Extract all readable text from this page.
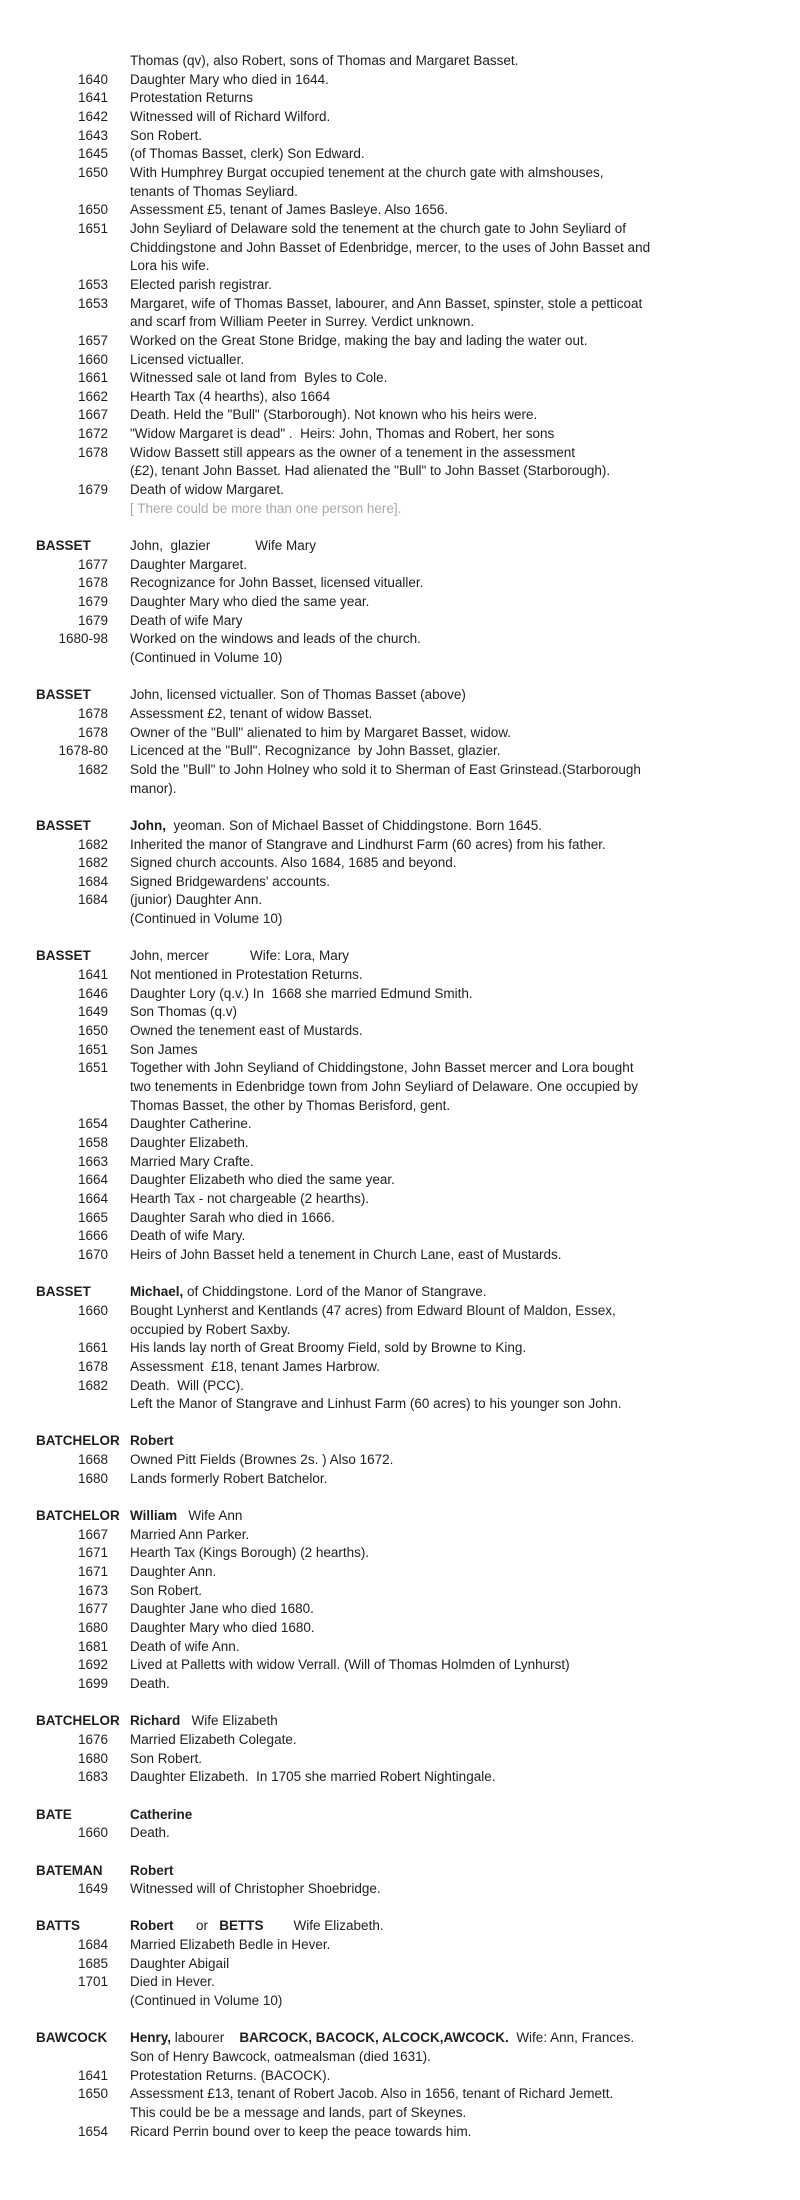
Thomas (qv), also Robert, sons of Thomas and Margaret Basset.
1640 Daughter Mary who died in 1644.
1641 Protestation Returns
1642 Witnessed will of Richard Wilford.
1643 Son Robert.
1645 (of Thomas Basset, clerk) Son Edward.
1650 With Humphrey Burgat occupied tenement at the church gate with almshouses,
tenants of Thomas Seyliard.
1650 Assessment £5, tenant of James Basleye. Also 1656.
1651 John Seyliard of Delaware sold the tenement at the church gate to John Seyliard of
Chiddingstone and John Basset of Edenbridge, mercer, to the uses of John Basset and
Lora his wife.
1653 Elected parish registrar.
1653 Margaret, wife of Thomas Basset, labourer, and Ann Basset, spinster, stole a petticoat
and scarf from William Peeter in Surrey. Verdict unknown.
1657 Worked on the Great Stone Bridge, making the bay and lading the water out.
1660 Licensed victualler.
1661 Witnessed sale ot land from  Byles to Cole.
1662 Hearth Tax (4 hearths), also 1664
1667 Death. Held the "Bull" (Starborough). Not known who his heirs were.
1672 "Widow Margaret is dead" .  Heirs: John, Thomas and Robert, her sons
1678 Widow Bassett still appears as the owner of a tenement in the assessment
(£2), tenant John Basset. Had alienated the "Bull" to John Basset (Starborough).
1679 Death of widow Margaret.
[ There could be more than one person here].
BASSET	John,  glazier            Wife Mary
1677 Daughter Margaret.
1678 Recognizance for John Basset, licensed vitualler.
1679 Daughter Mary who died the same year.
1679 Death of wife Mary
1680-98 Worked on the windows and leads of the church.
(Continued in Volume 10)
BASSET	John, licensed victualler. Son of Thomas Basset (above)
1678 Assessment £2, tenant of widow Basset.
1678 Owner of the "Bull" alienated to him by Margaret Basset, widow.
1678-80 Licenced at the "Bull". Recognizance  by John Basset, glazier.
1682 Sold the "Bull" to John Holney who sold it to Sherman of East Grinstead.(Starborough
manor).
BASSET	John,  yeoman. Son of Michael Basset of Chiddingstone. Born 1645.
1682 Inherited the manor of Stangrave and Lindhurst Farm (60 acres) from his father.
1682 Signed church accounts. Also 1684, 1685 and beyond.
1684 Signed Bridgewardens' accounts.
1684 (junior) Daughter Ann.
(Continued in Volume 10)
BASSET	John, mercer           Wife: Lora, Mary
1641 Not mentioned in Protestation Returns.
1646 Daughter Lory (q.v.) In  1668 she married Edmund Smith.
1649 Son Thomas (q.v)
1650 Owned the tenement east of Mustards.
1651 Son James
1651 Together with John Seyliand of Chiddingstone, John Basset mercer and Lora bought
two tenements in Edenbridge town from John Seyliard of Delaware. One occupied by
Thomas Basset, the other by Thomas Berisford, gent.
1654 Daughter Catherine.
1658 Daughter Elizabeth.
1663 Married Mary Crafte.
1664 Daughter Elizabeth who died the same year.
1664 Hearth Tax - not chargeable (2 hearths).
1665 Daughter Sarah who died in 1666.
1666 Death of wife Mary.
1670 Heirs of John Basset held a tenement in Church Lane, east of Mustards.
BASSET	Michael, of Chiddingstone. Lord of the Manor of Stangrave.
1660 Bought Lynherst and Kentlands (47 acres) from Edward Blount of Maldon, Essex,
occupied by Robert Saxby.
1661 His lands lay north of Great Broomy Field, sold by Browne to King.
1678 Assessment  £18, tenant James Harbrow.
1682 Death.  Will (PCC).
Left the Manor of Stangrave and Linhust Farm (60 acres) to his younger son John.
BATCHELOR Robert
1668 Owned Pitt Fields (Brownes 2s. ) Also 1672.
1680 Lands formerly Robert Batchelor.
BATCHELOR William   Wife Ann
1667 Married Ann Parker.
1671 Hearth Tax (Kings Borough) (2 hearths).
1671 Daughter Ann.
1673 Son Robert.
1677 Daughter Jane who died 1680.
1680 Daughter Mary who died 1680.
1681 Death of wife Ann.
1692 Lived at Palletts with widow Verrall. (Will of Thomas Holmden of Lynhurst)
1699 Death.
BATCHELOR Richard   Wife Elizabeth
1676 Married Elizabeth Colegate.
1680 Son Robert.
1683 Daughter Elizabeth.  In 1705 she married Robert Nightingale.
BATE	Catherine
1660 Death.
BATEMAN	Robert
1649 Witnessed will of Christopher Shoebridge.
BATTS	Robert      or   BETTS        Wife Elizabeth.
1684 Married Elizabeth Bedle in Hever.
1685 Daughter Abigail
1701 Died in Hever.
(Continued in Volume 10)
BAWCOCK Henry, labourer    BARCOCK, BACOCK, ALCOCK,AWCOCK.  Wife: Ann, Frances.
Son of Henry Bawcock, oatmealsman (died 1631).
1641 Protestation Returns. (BACOCK).
1650 Assessment £13, tenant of Robert Jacob. Also in 1656, tenant of Richard Jemett.
This could be be a message and lands, part of Skeynes.
1654 Ricard Perrin bound over to keep the peace towards him.
